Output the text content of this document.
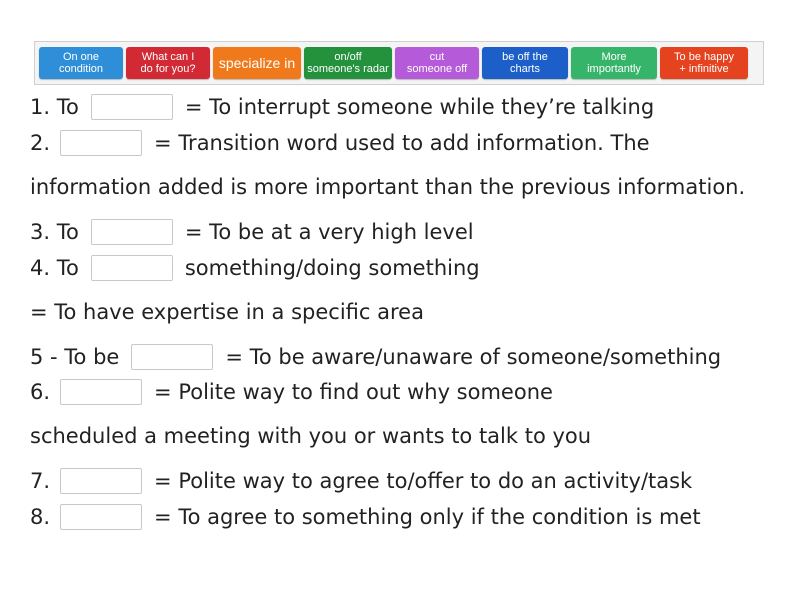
On one
condition
What can I
do for you?	specialize in	on/off
someone's radar
cut
someone off
be off the
charts
More
importantly
To be happy
+ infinitive
1. To	= To interrupt someone while they’re talking
2.	= Transition word used to add information. The
information added is more important than the previous information.
3. To	= To be at a very high level
4. To	something/doing something
= To have expertise in a specific area
5 - To be	= To be aware/unaware of someone/something
6.	= Polite way to find out why someone
scheduled a meeting with you or wants to talk to you
7.	= Polite way to agree to/offer to do an activity/task
8.	= To agree to something only if the condition is met
